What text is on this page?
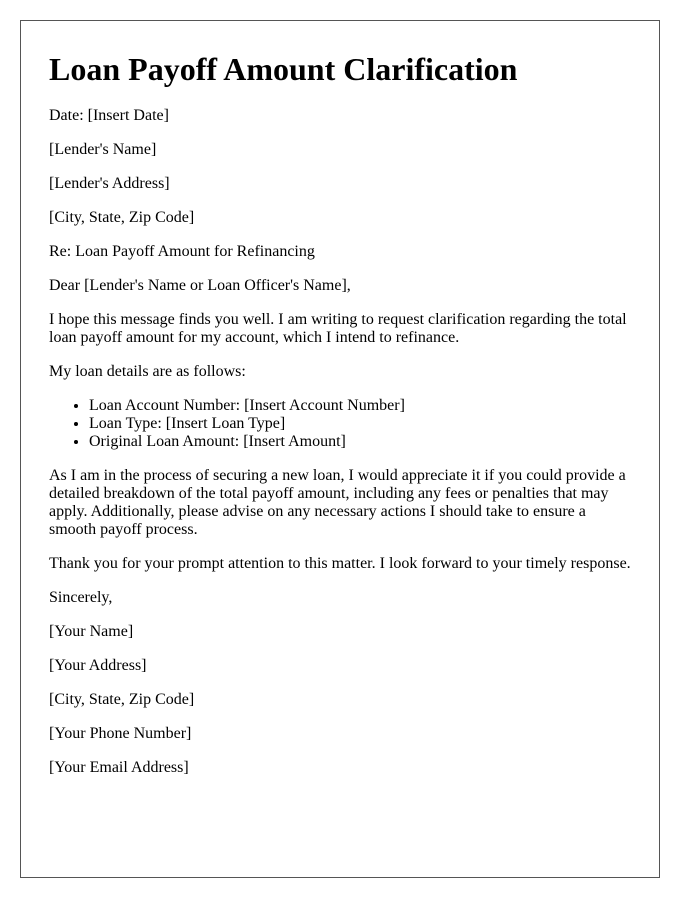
Loan Payoff Amount Clarification

Date: [Insert Date]

[Lender's Name]

[Lender's Address]

[City, State, Zip Code]

Re: Loan Payoff Amount for Refinancing

Dear [Lender's Name or Loan Officer's Name],

I hope this message finds you well. I am writing to request clarification regarding the total loan payoff amount for my account, which I intend to refinance.

My loan details are as follows:

• Loan Account Number: [Insert Account Number]
• Loan Type: [Insert Loan Type]
• Original Loan Amount: [Insert Amount]

As I am in the process of securing a new loan, I would appreciate it if you could provide a detailed breakdown of the total payoff amount, including any fees or penalties that may apply. Additionally, please advise on any necessary actions I should take to ensure a smooth payoff process.

Thank you for your prompt attention to this matter. I look forward to your timely response.

Sincerely,

[Your Name]

[Your Address]

[City, State, Zip Code]

[Your Phone Number]

[Your Email Address]
